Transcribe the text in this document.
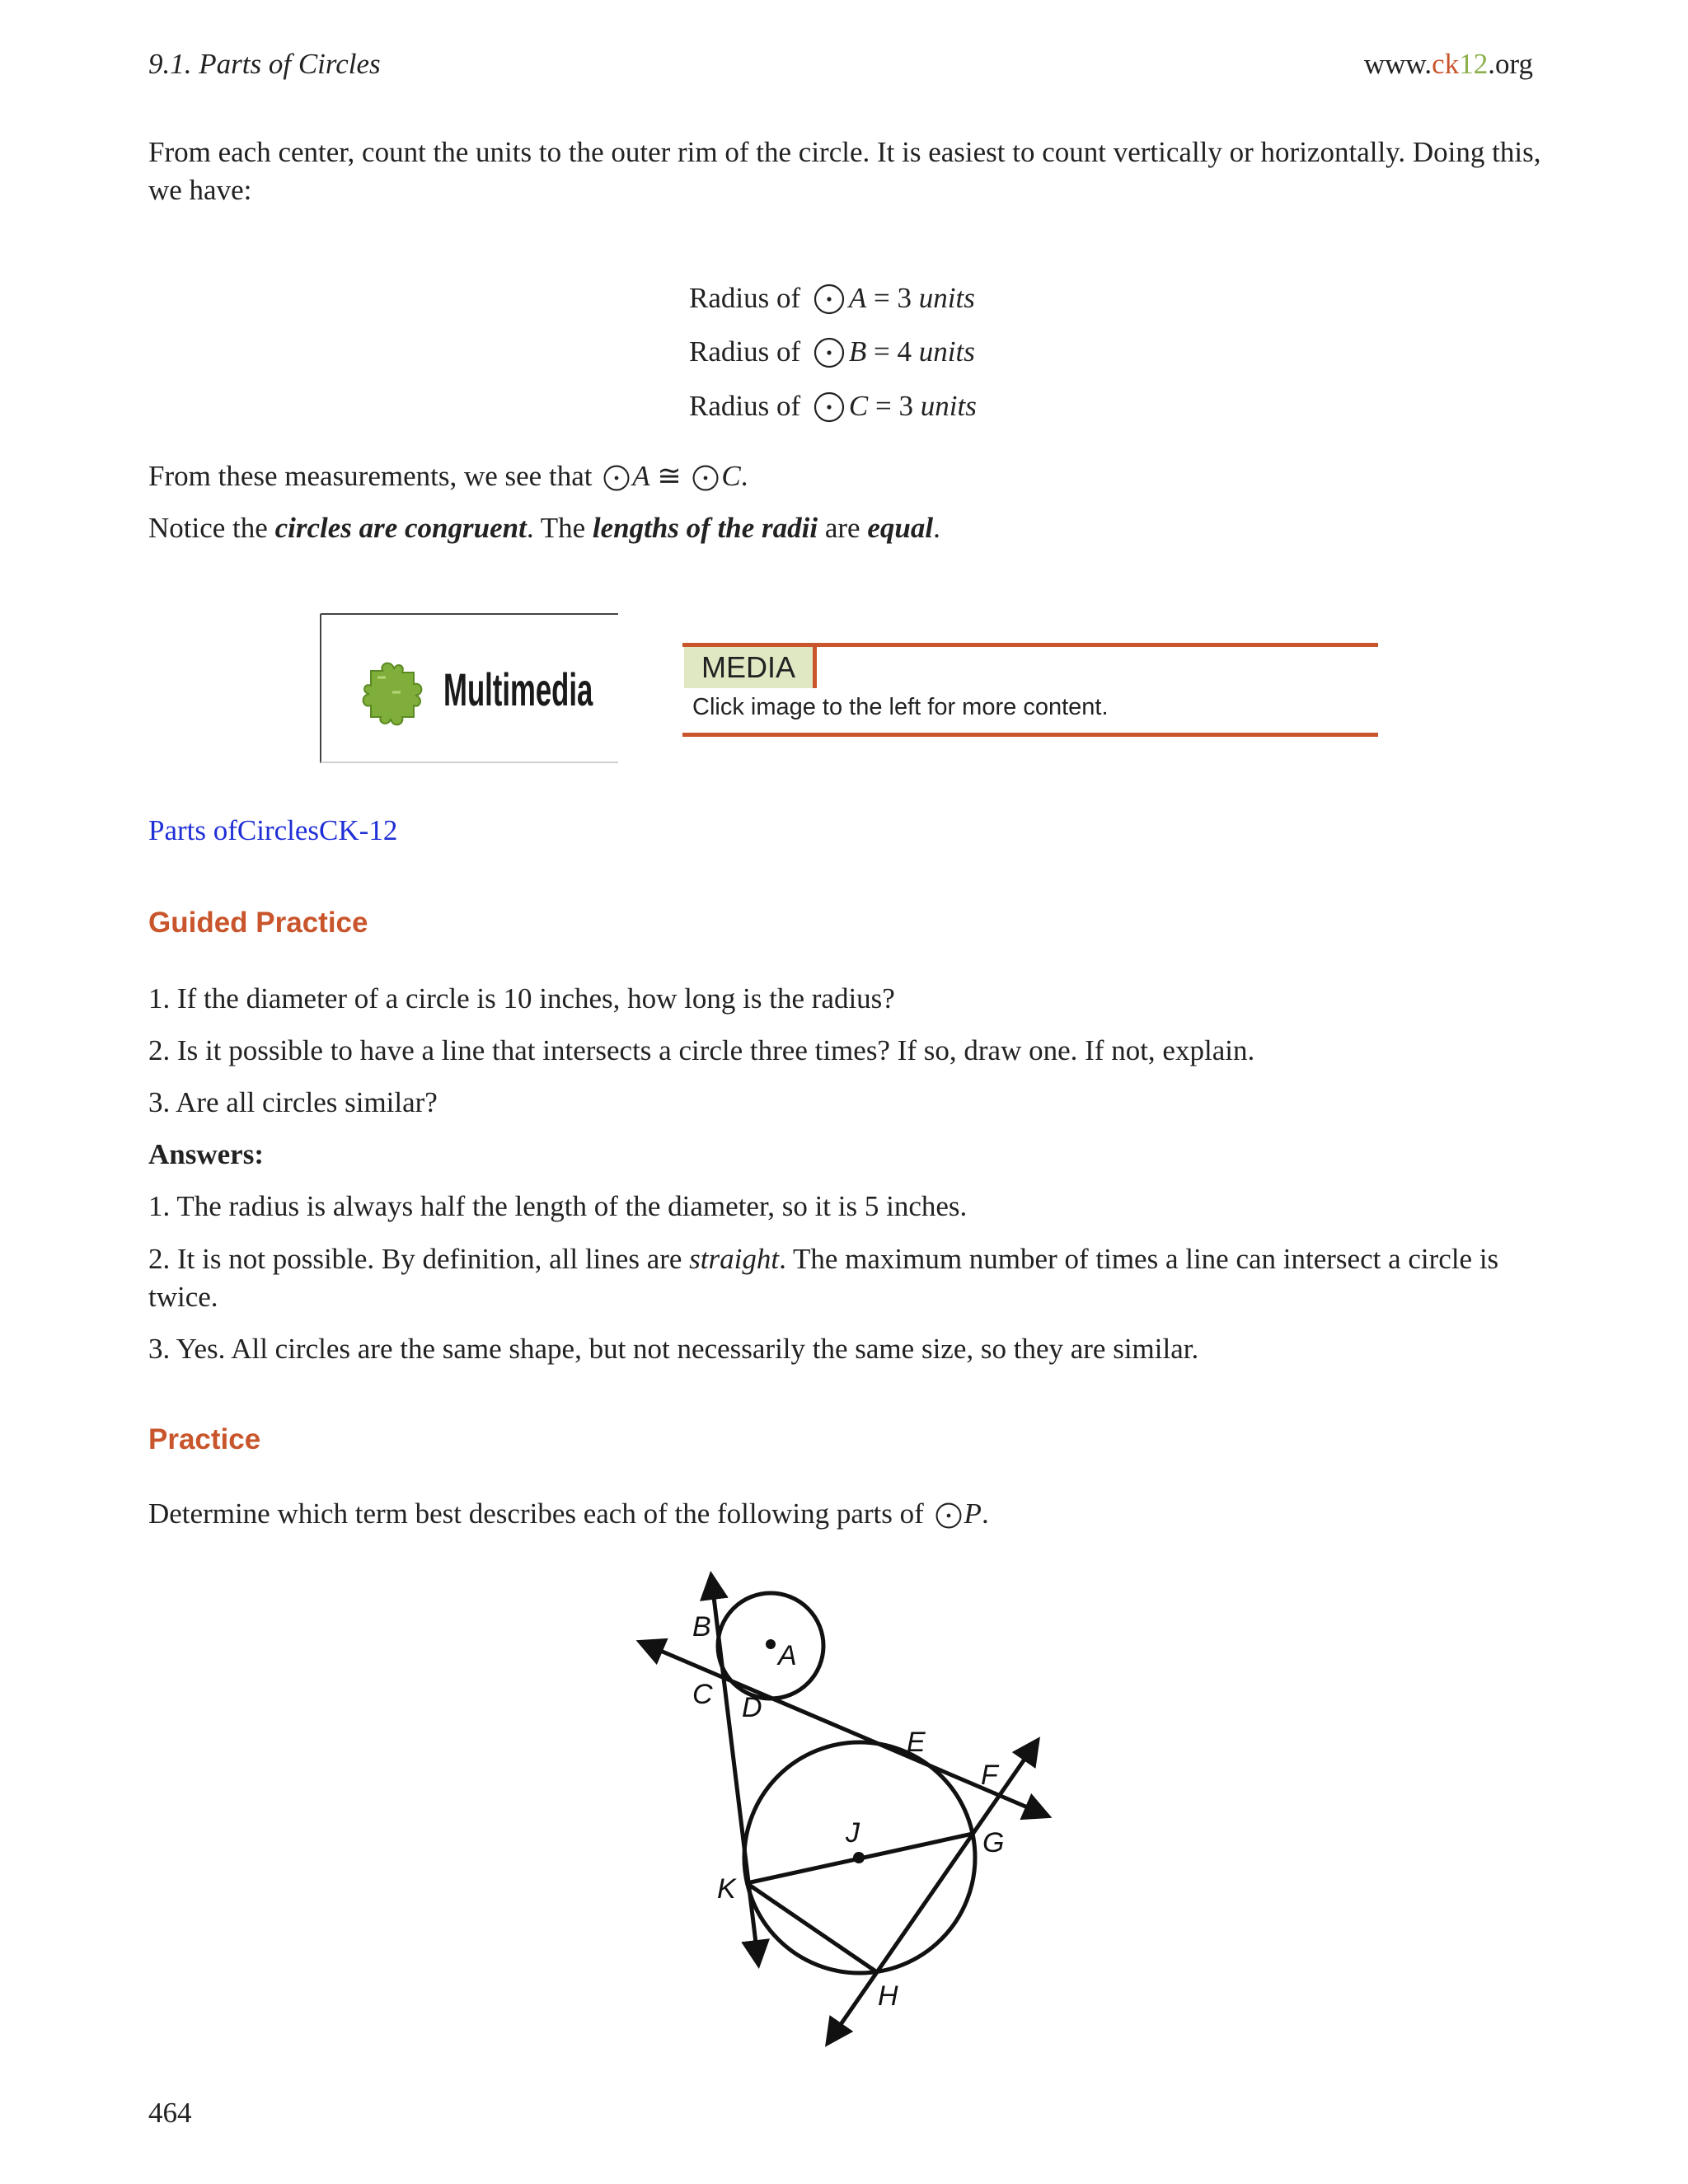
9.1. Parts of Circles	www.ck12.org

From each center, count the units to the outer rim of the circle. It is easiest to count vertically or horizontally. Doing this, we have:

Radius of A = 3 units
Radius of B = 4 units
Radius of C = 3 units

From these measurements, we see that A ≅ C.

Notice the circles are congruent. The lengths of the radii are equal.

Multimedia	MEDIA
Click image to the left for more content.
Parts ofCirclesCK-12
Guided Practice

1. If the diameter of a circle is 10 inches, how long is the radius?

2. Is it possible to have a line that intersects a circle three times? If so, draw one. If not, explain.

3. Are all circles similar?

Answers:

1. The radius is always half the length of the diameter, so it is 5 inches.

2. It is not possible. By definition, all lines are straight. The maximum number of times a line can intersect a circle is twice.

3. Yes. All circles are the same shape, but not necessarily the same size, so they are similar.

Practice

Determine which term best describes each of the following parts of P.

B
A
C D
E
F
G
J
K
H
464
